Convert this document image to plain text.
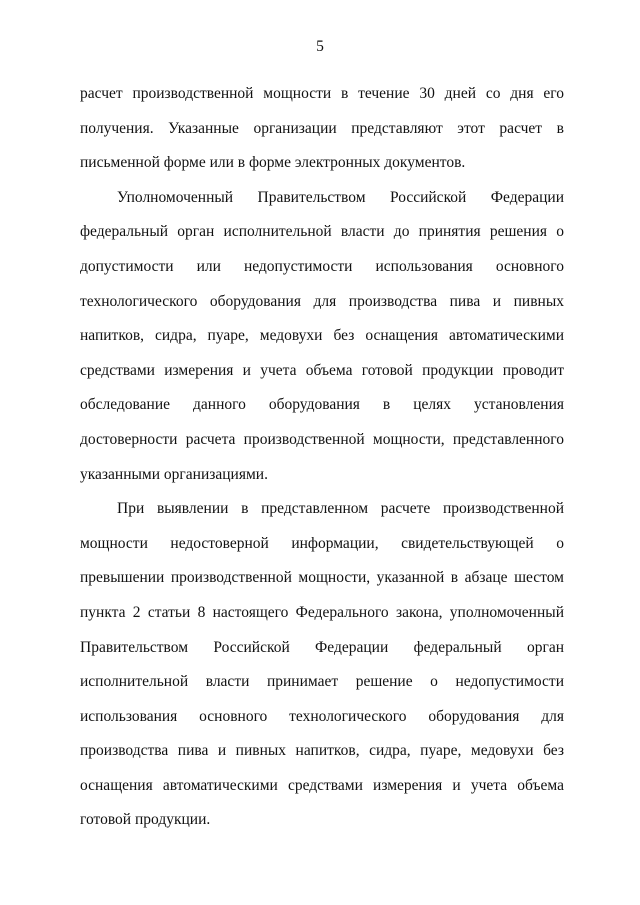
5

расчет производственной мощности в течение 30 дней со дня его получения. Указанные организации представляют этот расчет в письменной форме или в форме электронных документов.

Уполномоченный Правительством Российской Федерации федеральный орган исполнительной власти до принятия решения о допустимости или недопустимости использования основного технологического оборудования для производства пива и пивных напитков, сидра, пуаре, медовухи без оснащения автоматическими средствами измерения и учета объема готовой продукции проводит обследование данного оборудования в целях установления достоверности расчета производственной мощности, представленного указанными организациями.

При выявлении в представленном расчете производственной мощности недостоверной информации, свидетельствующей о превышении производственной мощности, указанной в абзаце шестом пункта 2 статьи 8 настоящего Федерального закона, уполномоченный Правительством Российской Федерации федеральный орган исполнительной власти принимает решение о недопустимости использования основного технологического оборудования для производства пива и пивных напитков, сидра, пуаре, медовухи без оснащения автоматическими средствами измерения и учета объема готовой продукции.
